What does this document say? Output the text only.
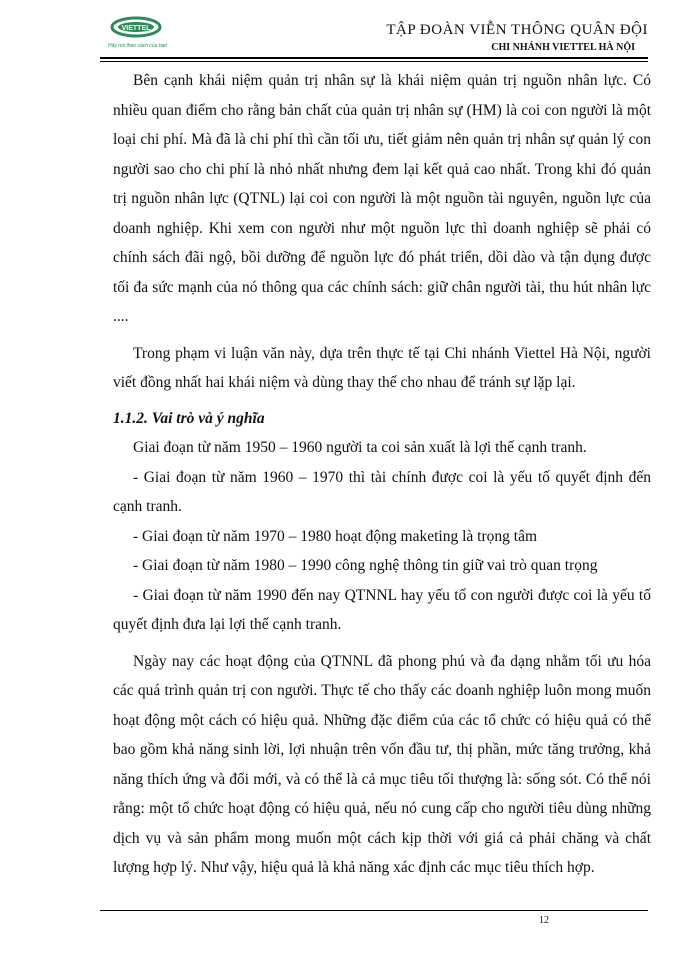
VIETTEL
Hãy nói theo cách của bạn
TẬP ĐOÀN VIỄN THÔNG QUÂN ĐỘI
CHI NHÁNH VIETTEL HÀ NỘI

Bên cạnh khái niệm quản trị nhân sự là khái niệm quản trị nguồn nhân lực. Có nhiều quan điểm cho rằng bản chất của quản trị nhân sự (HM) là coi con người là một loại chi phí. Mà đã là chi phí thì cần tối ưu, tiết giảm nên quản trị nhân sự quản lý con người sao cho chi phí là nhỏ nhất nhưng đem lại kết quả cao nhất. Trong khi đó quản trị nguồn nhân lực (QTNL) lại coi con người là một nguồn tài nguyên, nguồn lực của doanh nghiệp. Khi xem con người như một nguồn lực thì doanh nghiệp sẽ phải có chính sách đãi ngộ, bồi dưỡng để nguồn lực đó phát triển, dồi dào và tận dụng được tối đa sức mạnh của nó thông qua các chính sách: giữ chân người tài, thu hút nhân lực ....

Trong phạm vi luận văn này, dựa trên thực tế tại Chi nhánh Viettel Hà Nội, người viết đồng nhất hai khái niệm và dùng thay thế cho nhau để tránh sự lặp lại.

1.1.2. Vai trò và ý nghĩa

Giai đoạn từ năm 1950 – 1960 người ta coi sản xuất là lợi thế cạnh tranh.

- Giai đoạn từ năm 1960 – 1970 thì tài chính được coi là yếu tố quyết định đến cạnh tranh.

- Giai đoạn từ năm 1970 – 1980 hoạt động maketing là trọng tâm

- Giai đoạn từ năm 1980 – 1990 công nghệ thông tin giữ vai trò quan trọng

- Giai đoạn từ năm 1990 đến nay QTNNL hay yếu tố con người được coi là yếu tố quyết định đưa lại lợi thế cạnh tranh.

Ngày nay các hoạt động của QTNNL đã phong phú và đa dạng nhằm tối ưu hóa các quá trình quản trị con người. Thực tế cho thấy các doanh nghiệp luôn mong muốn hoạt động một cách có hiệu quả. Những đặc điểm của các tổ chức có hiệu quả có thể bao gồm khả năng sinh lời, lợi nhuận trên vốn đầu tư, thị phần, mức tăng trưởng, khả năng thích ứng và đổi mới, và có thể là cả mục tiêu tối thượng là: sống sót. Có thể nói rằng: một tổ chức hoạt động có hiệu quả, nếu nó cung cấp cho người tiêu dùng những dịch vụ và sản phẩm mong muốn một cách kịp thời với giá cả phải chăng và chất lượng hợp lý. Như vậy, hiệu quả là khả năng xác định các mục tiêu thích hợp.

12
